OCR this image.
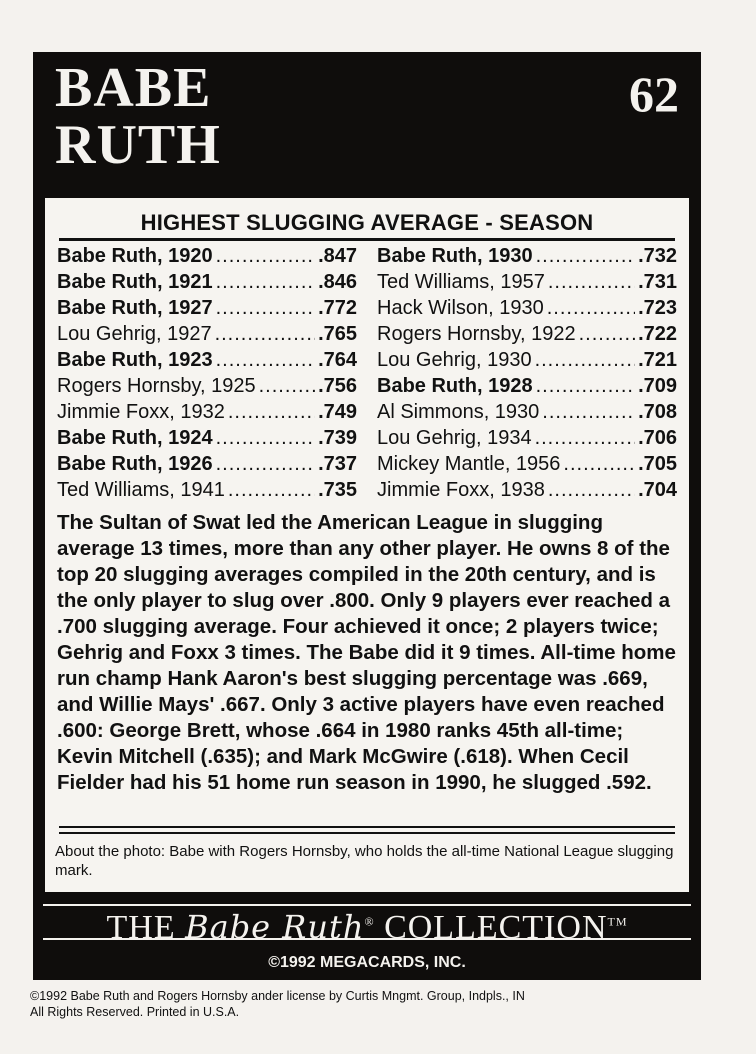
BABE
RUTH
62
HIGHEST SLUGGING AVERAGE - SEASON
Babe Ruth, 1920 .....	.847
Babe Ruth, 1921 .....	.846
Babe Ruth, 1927 .....	.772
Lou Gehrig, 1927 .....	.765
Babe Ruth, 1923 .....	.764
Rogers Hornsby, 1925 .....	.756
Jimmie Foxx, 1932 .....	.749
Babe Ruth, 1924 .....	.739
Babe Ruth, 1926 .....	.737
Ted Williams, 1941 .....	.735
Babe Ruth, 1930 .....	.732
Ted Williams, 1957 .....	.731
Hack Wilson, 1930 .....	.723
Rogers Hornsby, 1922 .....	.722
Lou Gehrig, 1930 .....	.721
Babe Ruth, 1928 .....	.709
Al Simmons, 1930 .....	.708
Lou Gehrig, 1934 .....	.706
Mickey Mantle, 1956 .....	.705
Jimmie Foxx, 1938 .....	.704
The Sultan of Swat led the American League in slugging average 13 times, more than any other player. He owns 8 of the top 20 slugging averages compiled in the 20th century, and is the only player to slug over .800. Only 9 players ever reached a .700 slugging average. Four achieved it once; 2 players twice; Gehrig and Foxx 3 times. The Babe did it 9 times. All-time home run champ Hank Aaron's best slugging percentage was .669, and Willie Mays' .667. Only 3 active players have even reached .600: George Brett, whose .664 in 1980 ranks 45th all-time; Kevin Mitchell (.635); and Mark McGwire (.618). When Cecil Fielder had his 51 home run season in 1990, he slugged .592.
About the photo: Babe with Rogers Hornsby, who holds the all-time National League slugging mark.
THE Babe Ruth® COLLECTION™
©1992 MEGACARDS, INC.
©1992 Babe Ruth and Rogers Hornsby ander license by Curtis Mngmt. Group, Indpls., IN
All Rights Reserved. Printed in U.S.A.
